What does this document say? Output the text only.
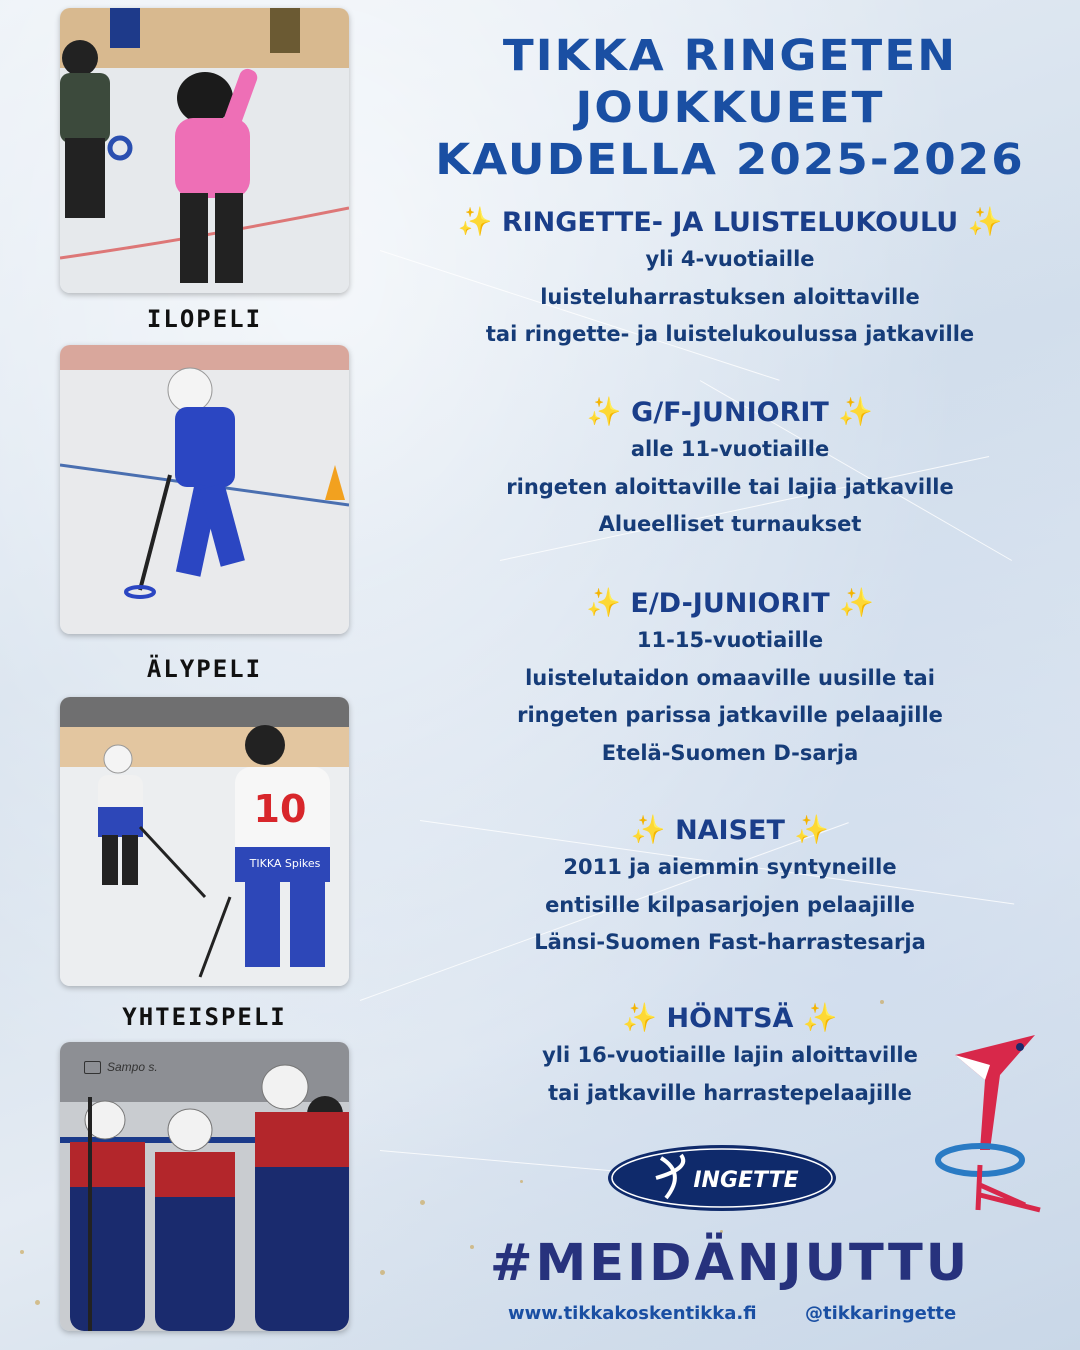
ILOPELI
ÄLYPELI
10
TIKKA Spikes
YHTEISPELI
Sampo s.
TIKKA RINGETEN
JOUKKUEET
KAUDELLA 2025-2026
✨ RINGETTE- JA LUISTELUKOULU ✨
yli 4-vuotiaille
luisteluharrastuksen aloittaville
tai ringette- ja luistelukoulussa jatkaville
✨ G/F-JUNIORIT ✨
alle 11-vuotiaille
ringeten aloittaville tai lajia jatkaville
Alueelliset turnaukset
✨ E/D-JUNIORIT ✨
11-15-vuotiaille
luistelutaidon omaaville uusille tai
ringeten parissa jatkaville pelaajille
Etelä-Suomen D-sarja
✨ NAISET ✨
2011 ja aiemmin syntyneille
entisille kilpasarjojen pelaajille
Länsi-Suomen Fast-harrastesarja
✨ HÖNTSÄ ✨
yli 16-vuotiaille lajin aloittaville
tai jatkaville harrastepelaajille
INGETTE
#MEIDÄNJUTTU
www.tikkakoskentikka.fi	@tikkaringette
